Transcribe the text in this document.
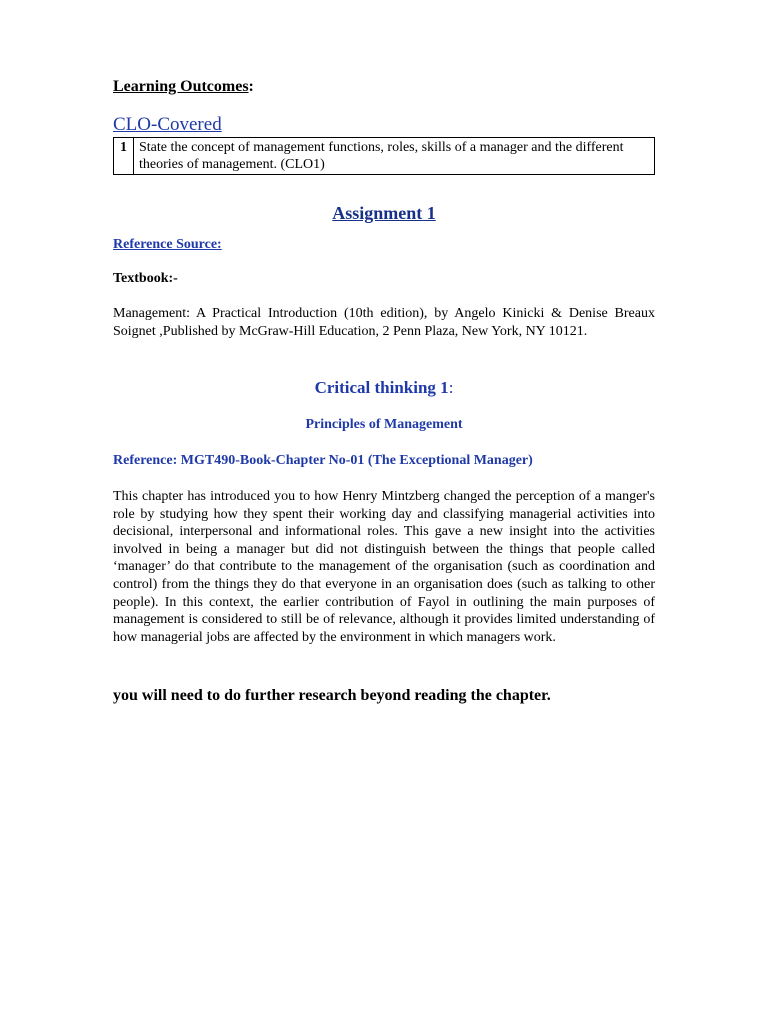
Learning Outcomes:
CLO-Covered
1	State the concept of management functions, roles, skills of a manager and the different theories of management. (CLO1)
Assignment 1
Reference Source:
Textbook:-
Management: A Practical Introduction (10th edition), by Angelo Kinicki & Denise Breaux Soignet ,Published by McGraw-Hill Education, 2 Penn Plaza, New York, NY 10121.
Critical thinking 1:
Principles of Management
Reference: MGT490-Book-Chapter No-01 (The Exceptional Manager)
This chapter has introduced you to how Henry Mintzberg changed the perception of a manger's role by studying how they spent their working day and classifying managerial activities into decisional, interpersonal and informational roles. This gave a new insight into the activities involved in being a manager but did not distinguish between the things that people called ‘manager’ do that contribute to the management of the organisation (such as coordination and control) from the things they do that everyone in an organisation does (such as talking to other people). In this context, the earlier contribution of Fayol in outlining the main purposes of management is considered to still be of relevance, although it provides limited understanding of how managerial jobs are affected by the environment in which managers work.
you will need to do further research beyond reading the chapter.
